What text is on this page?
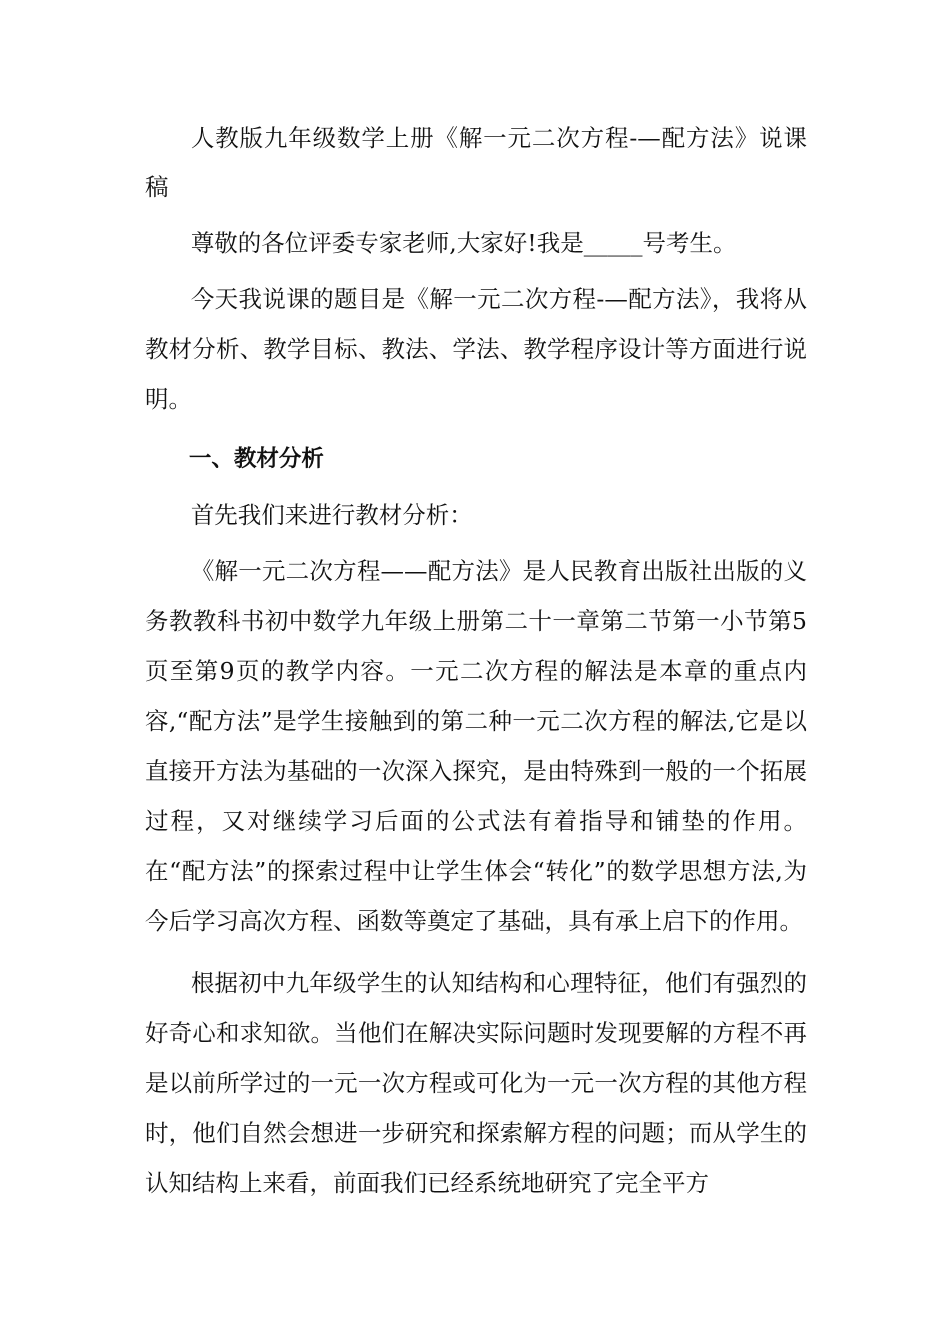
人教版九年级数学上册《解一元二次方程-—配方法》说课稿

尊敬的各位评委专家老师,大家好!我是_____号考生。

今天我说课的题目是《解一元二次方程-—配方法》，我将从教材分析、教学目标、教法、学法、教学程序设计等方面进行说明。

一、教材分析

首先我们来进行教材分析：

《解一元二次方程——配方法》是人民教育出版社出版的义务教教科书初中数学九年级上册第二十一章第二节第一小节第5页至第9页的教学内容。一元二次方程的解法是本章的重点内容,“配方法”是学生接触到的第二种一元二次方程的解法,它是以直接开方法为基础的一次深入探究，是由特殊到一般的一个拓展过程，又对继续学习后面的公式法有着指导和铺垫的作用。在“配方法”的探索过程中让学生体会“转化”的数学思想方法,为今后学习高次方程、函数等奠定了基础，具有承上启下的作用。

根据初中九年级学生的认知结构和心理特征，他们有强烈的好奇心和求知欲。当他们在解决实际问题时发现要解的方程不再是以前所学过的一元一次方程或可化为一元一次方程的其他方程时，他们自然会想进一步研究和探索解方程的问题；而从学生的认知结构上来看，前面我们已经系统地研究了完全平方
